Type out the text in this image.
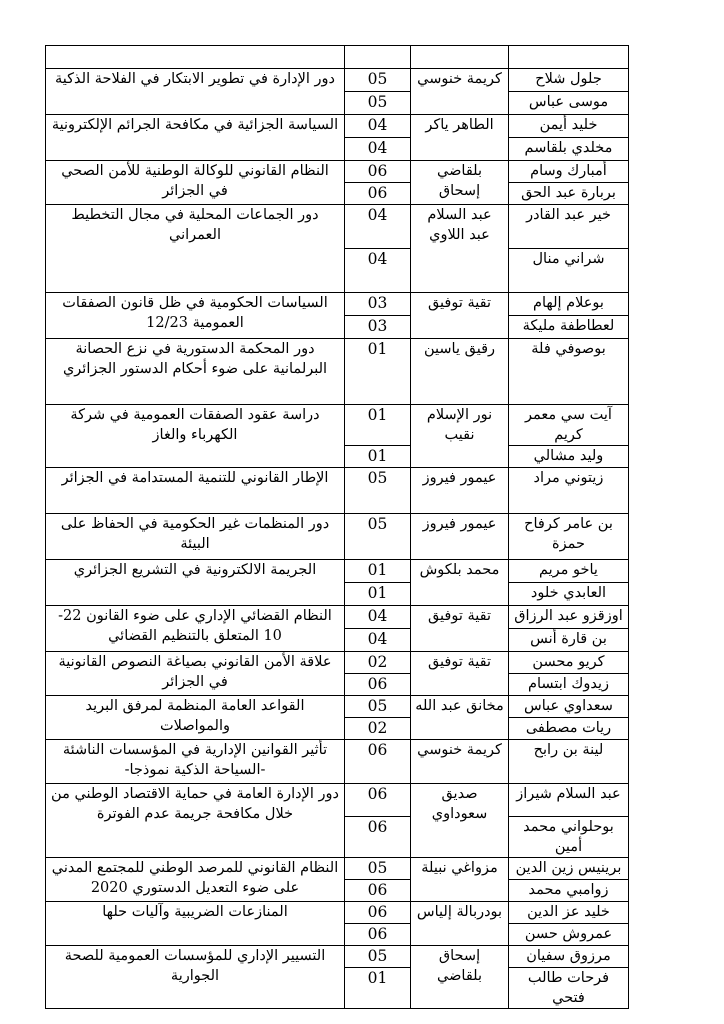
جلول شلاح	كريمة خنوسي	05	دور الإدارة في تطوير الابتكار في الفلاحة الذكية
موسى عباس		05	
خليد أيمن	الطاهر ياكر	04	السياسة الجزائية في مكافحة الجرائم الإلكترونية
مخلدي بلقاسم		04	
أمبارك وسام	بلقاضي إسحاق	06	النظام القانوني للوكالة الوطنية للأمن الصحي في الجزائر
بربارة عبد الحق		06	
خير عبد القادر	عبد السلام عبد اللاوي	04	دور الجماعات المحلية في مجال التخطيط العمراني
شراني منال		04	
بوعلام إلهام	تقية توفيق	03	السياسات الحكومية في ظل قانون الصفقات العمومية 12/23
لعطاطفة مليكة		03	
بوصوفي فلة	رقيق ياسين	01	دور المحكمة الدستورية في نزع الحصانة البرلمانية على ضوء أحكام الدستور الجزائري
آيت سي معمر كريم	نور الإسلام نقيب	01	دراسة عقود الصفقات العمومية في شركة الكهرباء والغاز
وليد مشالي		01	
زيتوني مراد	عيمور فيروز	05	الإطار القانوني للتنمية المستدامة في الجزائر
بن عامر كرفاح حمزة	عيمور فيروز	05	دور المنظمات غير الحكومية في الحفاظ على البيئة
ياخو مريم	محمد بلكوش	01	الجريمة الالكترونية في التشريع الجزائري
العابدي خلود		01	
اوزقزو عبد الرزاق	تقية توفيق	04	النظام القضائي الإداري على ضوء القانون 22-10 المتعلق بالتنظيم القضائي
بن قارة أنس		04	
كريو محسن	تقية توفيق	02	علاقة الأمن القانوني بصياغة النصوص القانونية في الجزائر
زيدوك ابتسام		06	
سعداوي عباس	مخانق عبد الله	05	القواعد العامة المنظمة لمرفق البريد والمواصلات
ريات مصطفى		02	
لينة بن رابح	كريمة خنوسي	06	تأثير القوانين الإدارية في المؤسسات الناشئة -السياحة الذكية نموذجا-
عبد السلام شيراز	صديق سعوداوي	06	دور الإدارة العامة في حماية الاقتصاد الوطني من خلال مكافحة جريمة عدم الفوترة
بوحلواني محمد أمين		06	
برينيس زين الدين	مزواغي نبيلة	05	النظام القانوني للمرصد الوطني للمجتمع المدني على ضوء التعديل الدستوري 2020
زوامبي محمد		06	
خليد عز الدين	بودربالة إلياس	06	المنازعات الضريبية وآليات حلها
عمروش حسن		06	
مرزوق سفيان	إسحاق بلقاضي	05	التسيير الإداري للمؤسسات العمومية للصحة الجوارية
فرحات طالب فتحي		01	
